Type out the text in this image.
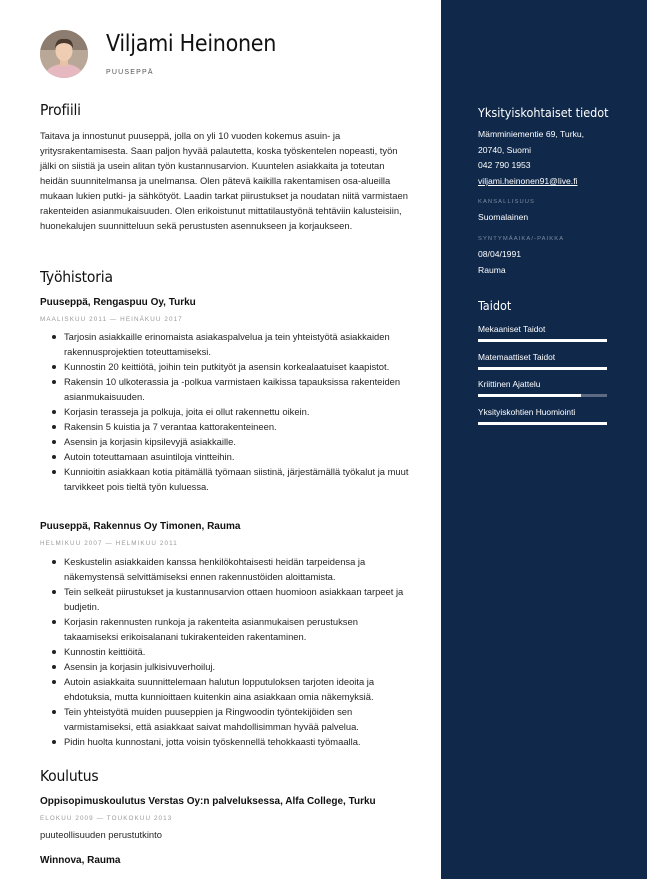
Viljami Heinonen
PUUSEPPÄ
Profiili
Taitava ja innostunut puuseppä, jolla on yli 10 vuoden kokemus asuin- ja yritysrakentamisesta. Saan paljon hyvää palautetta, koska työskentelen nopeasti, työn jälki on siistiä ja usein alitan työn kustannusarvion. Kuuntelen asiakkaita ja toteutan heidän suunnitelmansa ja unelmansa. Olen pätevä kaikilla rakentamisen osa-alueilla mukaan lukien putki- ja sähkötyöt. Laadin tarkat piirustukset ja noudatan niitä varmistaen rakenteiden asianmukaisuuden. Olen erikoistunut mittatilaustyönä tehtäviin kalusteisiin, huonekalujen suunnitteluun sekä perustusten asennukseen ja korjaukseen.
Työhistoria
Puuseppä, Rengaspuu Oy, Turku
MAALISKUU 2011 — HEINÄKUU 2017
Tarjosin asiakkaille erinomaista asiakaspalvelua ja tein yhteistyötä asiakkaiden rakennusprojektien toteuttamiseksi.
Kunnostin 20 keittiötä, joihin tein putkityöt ja asensin korkealaatuiset kaapistot.
Rakensin 10 ulkoterassia ja -polkua varmistaen kaikissa tapauksissa rakenteiden asianmukaisuuden.
Korjasin terasseja ja polkuja, joita ei ollut rakennettu oikein.
Rakensin 5 kuistia ja 7 verantaa kattorakenteineen.
Asensin ja korjasin kipsilevyjä asiakkaille.
Autoin toteuttamaan asuintiloja vintteihin.
Kunnioitin asiakkaan kotia pitämällä työmaan siistinä, järjestämällä työkalut ja muut tarvikkeet pois tieltä työn kuluessa.
Puuseppä, Rakennus Oy Timonen, Rauma
HELMIKUU 2007 — HELMIKUU 2011
Keskustelin asiakkaiden kanssa henkilökohtaisesti heidän tarpeidensa ja näkemystensä selvittämiseksi ennen rakennustöiden aloittamista.
Tein selkeät piirustukset ja kustannusarvion ottaen huomioon asiakkaan tarpeet ja budjetin.
Korjasin rakennusten runkoja ja rakenteita asianmukaisen perustuksen takaamiseksi erikoisalanani tukirakenteiden rakentaminen.
Kunnostin keittiöitä.
Asensin ja korjasin julkisivuverhoiluj.
Autoin asiakkaita suunnittelemaan halutun lopputuloksen tarjoten ideoita ja ehdotuksia, mutta kunnioittaen kuitenkin aina asiakkaan omia näkemyksiä.
Tein yhteistyötä muiden puuseppien ja Ringwoodin työntekijöiden sen varmistamiseksi, että asiakkaat saivat mahdollisimman hyvää palvelua.
Pidin huolta kunnostani, jotta voisin työskennellä tehokkaasti työmaalla.
Koulutus
Oppisopimuskoulutus Verstas Oy:n palveluksessa, Alfa College, Turku
ELOKUU 2009 — TOUKOKUU 2013
puuteollisuuden perustutkinto
Winnova, Rauma
Yksityiskohtaiset tiedot
Mämminiementie 69, Turku,
20740, Suomi
042 790 1953
viljami.heinonen91@live.fi
KANSALLISUUS
Suomalainen
SYNTYMÄAIKA/-PAIKKA
08/04/1991
Rauma
Taidot
Mekaaniset Taidot
Matemaattiset Taidot
Kriittinen Ajattelu
Yksityiskohtien Huomiointi
